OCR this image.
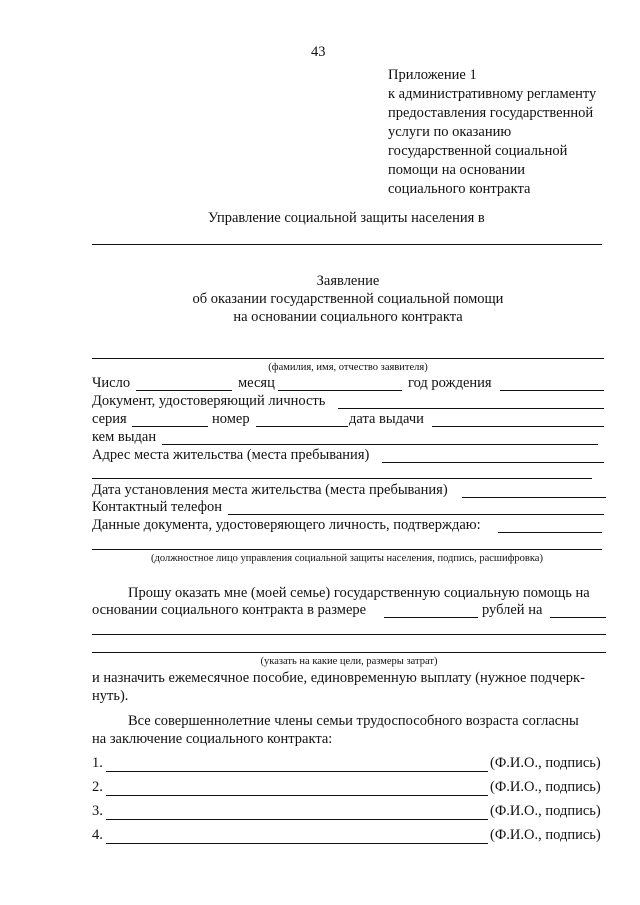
43
Приложение 1
к административному регламенту
предоставления государственной
услуги по оказанию
государственной социальной
помощи на основании
социального контракта
Управление социальной защиты населения в
Заявление
об оказании государственной социальной помощи
на основании социального контракта
(фамилия, имя, отчество заявителя)
Число	месяц	год рождения
Документ, удостоверяющий личность
серия	номер	дата выдачи
кем выдан
Адрес места жительства (места пребывания)
Дата установления места жительства (места пребывания)
Контактный телефон
Данные документа, удостоверяющего личность, подтверждаю:
(должностное лицо управления социальной защиты населения, подпись, расшифровка)
Прошу оказать мне (моей семье) государственную социальную помощь на
основании социального контракта в размере	рублей на
(указать на какие цели, размеры затрат)
и назначить ежемесячное пособие, единовременную выплату (нужное подчерк-
нуть).
Все совершеннолетние члены семьи трудоспособного возраста согласны
на заключение социального контракта:
1.	(Ф.И.О., подпись)
2.	(Ф.И.О., подпись)
3.	(Ф.И.О., подпись)
4.	(Ф.И.О., подпись)
